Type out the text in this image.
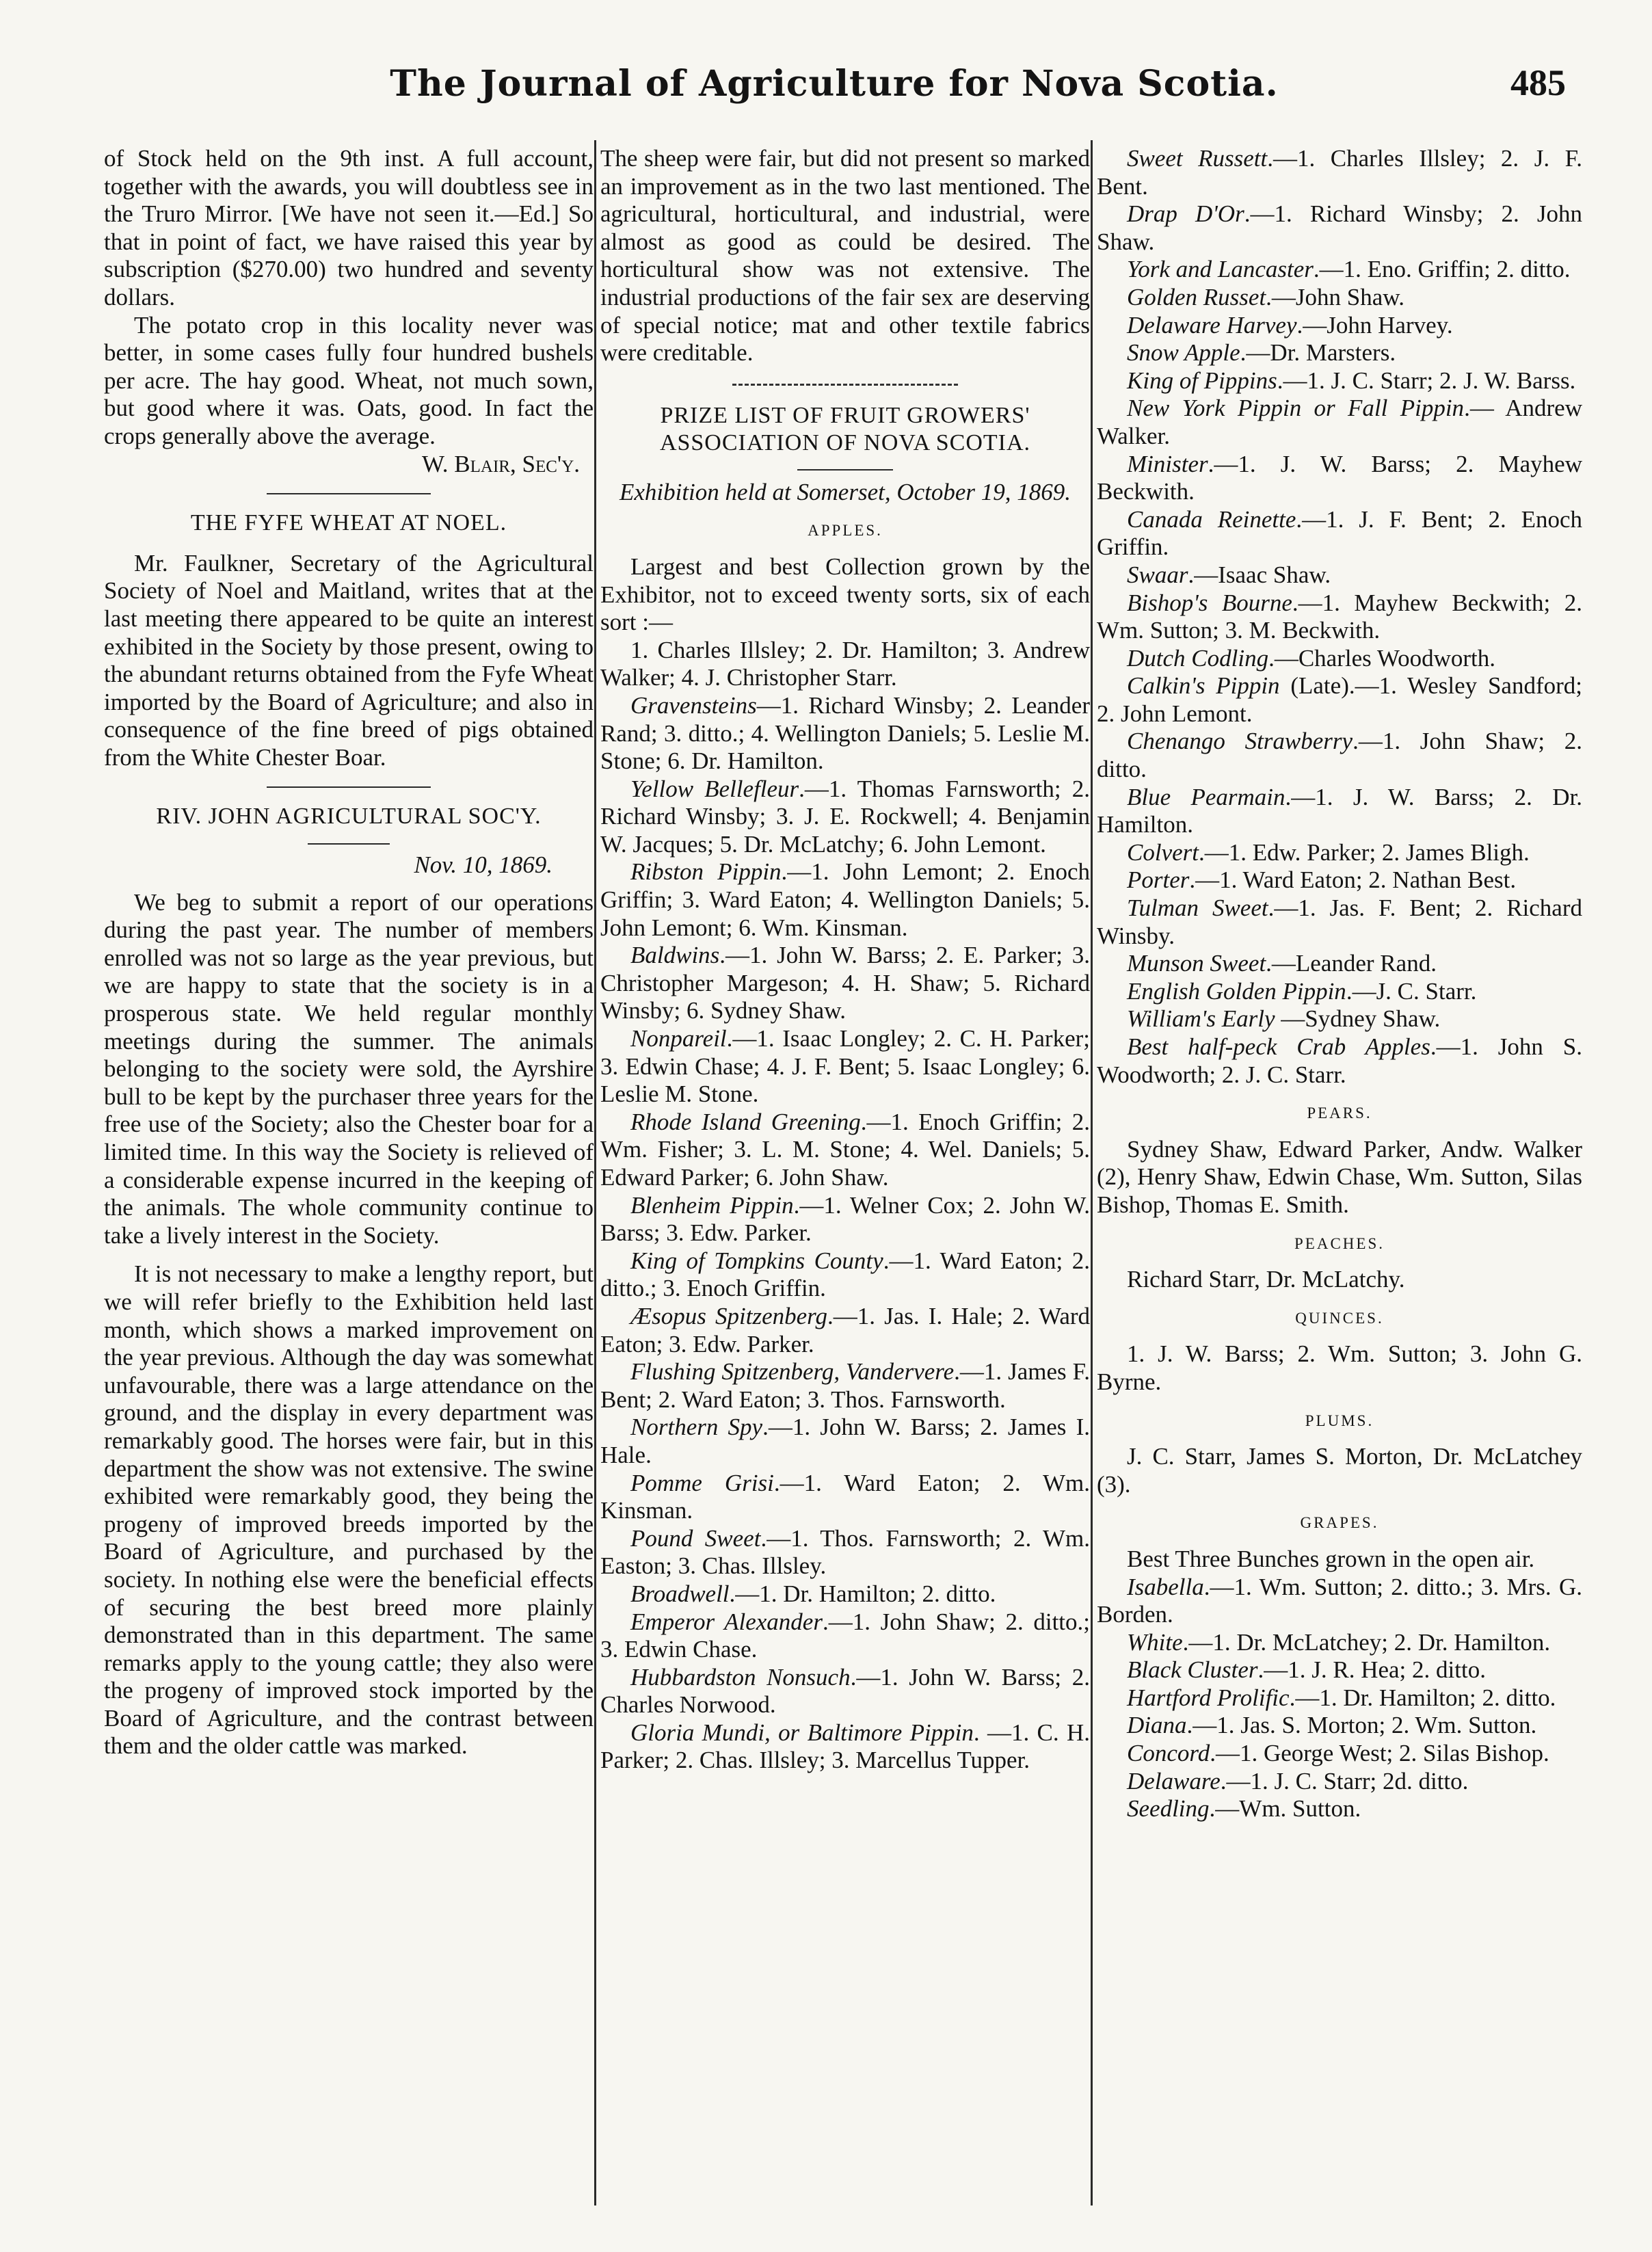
The Journal of Agriculture for Nova Scotia.	485

of Stock held on the 9th inst. A full account, together with the awards, you will doubtless see in the Truro Mirror. [We have not seen it.—Ed.] So that in point of fact, we have raised this year by subscription ($270.00) two hundred and seventy dollars.

The potato crop in this locality never was better, in some cases fully four hundred bushels per acre. The hay good. Wheat, not much sown, but good where it was. Oats, good. In fact the crops generally above the average.

W. Blair, Sec'y.

THE FYFE WHEAT AT NOEL.

Mr. Faulkner, Secretary of the Agricultural Society of Noel and Maitland, writes that at the last meeting there appeared to be quite an interest exhibited in the Society by those present, owing to the abundant returns obtained from the Fyfe Wheat imported by the Board of Agriculture; and also in consequence of the fine breed of pigs obtained from the White Chester Boar.

RIV. JOHN AGRICULTURAL SOC'Y.
Nov. 10, 1869.

We beg to submit a report of our operations during the past year. The number of members enrolled was not so large as the year previous, but we are happy to state that the society is in a prosperous state. We held regular monthly meetings during the summer. The animals belonging to the society were sold, the Ayrshire bull to be kept by the purchaser three years for the free use of the Society; also the Chester boar for a limited time. In this way the Society is relieved of a considerable expense incurred in the keeping of the animals. The whole community continue to take a lively interest in the Society.

It is not necessary to make a lengthy report, but we will refer briefly to the Exhibition held last month, which shows a marked improvement on the year previous. Although the day was somewhat unfavourable, there was a large attendance on the ground, and the display in every department was remarkably good. The horses were fair, but in this department the show was not extensive. The swine exhibited were remarkably good, they being the progeny of improved breeds imported by the Board of Agriculture, and purchased by the society. In nothing else were the beneficial effects of securing the best breed more plainly demonstrated than in this department. The same remarks apply to the young cattle; they also were the progeny of improved stock imported by the Board of Agriculture, and the contrast between them and the older cattle was marked.

The sheep were fair, but did not present so marked an improvement as in the two last mentioned. The agricultural, horticultural, and industrial, were almost as good as could be desired. The horticultural show was not extensive. The industrial productions of the fair sex are deserving of special notice; mat and other textile fabrics were creditable.

PRIZE LIST OF FRUIT GROWERS' ASSOCIATION OF NOVA SCOTIA.
Exhibition held at Somerset, October 19, 1869.
APPLES.

Largest and best Collection grown by the Exhibitor, not to exceed twenty sorts, six of each sort :—

1. Charles Illsley; 2. Dr. Hamilton; 3. Andrew Walker; 4. J. Christopher Starr.

Gravensteins—1. Richard Winsby; 2. Leander Rand; 3. ditto.; 4. Wellington Daniels; 5. Leslie M. Stone; 6. Dr. Hamilton.

Yellow Bellefleur.—1. Thomas Farnsworth; 2. Richard Winsby; 3. J. E. Rockwell; 4. Benjamin W. Jacques; 5. Dr. McLatchy; 6. John Lemont.

Ribston Pippin.—1. John Lemont; 2. Enoch Griffin; 3. Ward Eaton; 4. Wellington Daniels; 5. John Lemont; 6. Wm. Kinsman.

Baldwins.—1. John W. Barss; 2. E. Parker; 3. Christopher Margeson; 4. H. Shaw; 5. Richard Winsby; 6. Sydney Shaw.

Nonpareil.—1. Isaac Longley; 2. C. H. Parker; 3. Edwin Chase; 4. J. F. Bent; 5. Isaac Longley; 6. Leslie M. Stone.

Rhode Island Greening.—1. Enoch Griffin; 2. Wm. Fisher; 3. L. M. Stone; 4. Wel. Daniels; 5. Edward Parker; 6. John Shaw.

Blenheim Pippin.—1. Welner Cox; 2. John W. Barss; 3. Edw. Parker.

King of Tompkins County.—1. Ward Eaton; 2. ditto.; 3. Enoch Griffin.

Æsopus Spitzenberg.—1. Jas. I. Hale; 2. Ward Eaton; 3. Edw. Parker.

Flushing Spitzenberg, Vandervere.—1. James F. Bent; 2. Ward Eaton; 3. Thos. Farnsworth.

Northern Spy.—1. John W. Barss; 2. James I. Hale.

Pomme Grisi.—1. Ward Eaton; 2. Wm. Kinsman.

Pound Sweet.—1. Thos. Farnsworth; 2. Wm. Easton; 3. Chas. Illsley.

Broadwell.—1. Dr. Hamilton; 2. ditto.

Emperor Alexander.—1. John Shaw; 2. ditto.; 3. Edwin Chase.

Hubbardston Nonsuch.—1. John W. Barss; 2. Charles Norwood.

Gloria Mundi, or Baltimore Pippin. —1. C. H. Parker; 2. Chas. Illsley; 3. Marcellus Tupper.

Sweet Russett.—1. Charles Illsley; 2. J. F. Bent.

Drap D'Or.—1. Richard Winsby; 2. John Shaw.

York and Lancaster.—1. Eno. Griffin; 2. ditto.

Golden Russet.—John Shaw.

Delaware Harvey.—John Harvey.

Snow Apple.—Dr. Marsters.

King of Pippins.—1. J. C. Starr; 2. J. W. Barss.

New York Pippin or Fall Pippin.— Andrew Walker.

Minister.—1. J. W. Barss; 2. Mayhew Beckwith.

Canada Reinette.—1. J. F. Bent; 2. Enoch Griffin.

Swaar.—Isaac Shaw.

Bishop's Bourne.—1. Mayhew Beckwith; 2. Wm. Sutton; 3. M. Beckwith.

Dutch Codling.—Charles Woodworth.

Calkin's Pippin (Late).—1. Wesley Sandford; 2. John Lemont.

Chenango Strawberry.—1. John Shaw; 2. ditto.

Blue Pearmain.—1. J. W. Barss; 2. Dr. Hamilton.

Colvert.—1. Edw. Parker; 2. James Bligh.

Porter.—1. Ward Eaton; 2. Nathan Best.

Tulman Sweet.—1. Jas. F. Bent; 2. Richard Winsby.

Munson Sweet.—Leander Rand.

English Golden Pippin.—J. C. Starr.

William's Early —Sydney Shaw.

Best half-peck Crab Apples.—1. John S. Woodworth; 2. J. C. Starr.

PEARS.

Sydney Shaw, Edward Parker, Andw. Walker (2), Henry Shaw, Edwin Chase, Wm. Sutton, Silas Bishop, Thomas E. Smith.

PEACHES.

Richard Starr, Dr. McLatchy.

QUINCES.

1. J. W. Barss; 2. Wm. Sutton; 3. John G. Byrne.

PLUMS.

J. C. Starr, James S. Morton, Dr. McLatchey (3).

GRAPES.

Best Three Bunches grown in the open air.

Isabella.—1. Wm. Sutton; 2. ditto.; 3. Mrs. G. Borden.

White.—1. Dr. McLatchey; 2. Dr. Hamilton.

Black Cluster.—1. J. R. Hea; 2. ditto.

Hartford Prolific.—1. Dr. Hamilton; 2. ditto.

Diana.—1. Jas. S. Morton; 2. Wm. Sutton.

Concord.—1. George West; 2. Silas Bishop.

Delaware.—1. J. C. Starr; 2d. ditto.

Seedling.—Wm. Sutton.
